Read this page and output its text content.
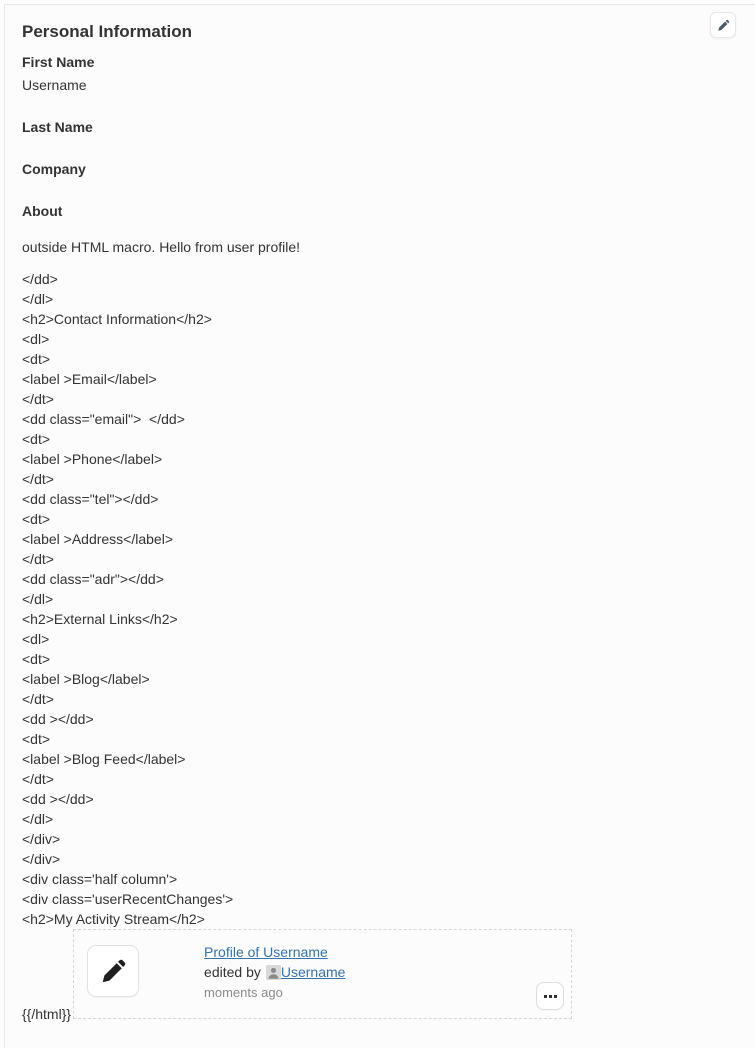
Personal Information
First Name
Username
Last Name
Company
About

outside HTML macro. Hello from user profile!

</dd>
</dl>
<h2>Contact Information</h2>
<dl>
<dt>
<label >Email</label>
</dt>
<dd class="email">  </dd>
<dt>
<label >Phone</label>
</dt>
<dd class="tel"></dd>
<dt>
<label >Address</label>
</dt>
<dd class="adr"></dd>
</dl>
<h2>External Links</h2>
<dl>
<dt>
<label >Blog</label>
</dt>
<dd ></dd>
<dt>
<label >Blog Feed</label>
</dt>
<dd ></dd>
</dl>
</div>
</div>
<div class='half column'>
<div class='userRecentChanges'>
<h2>My Activity Stream</h2>
{{/html}}
Profile of Username
edited by Username
moments ago
